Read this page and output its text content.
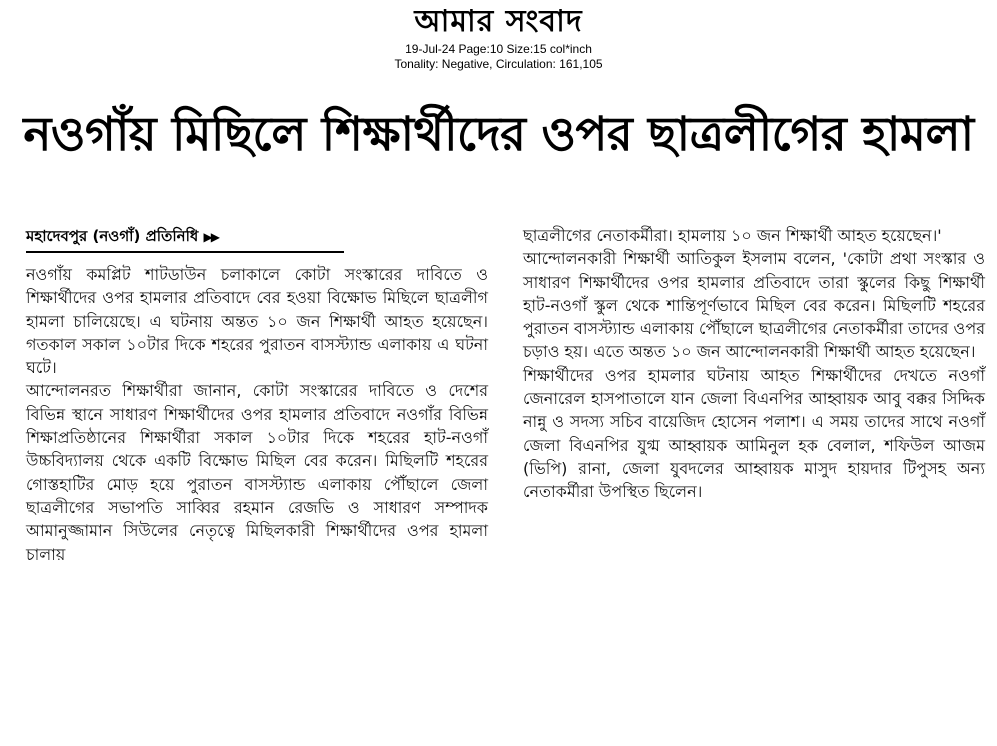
আমার সংবাদ
19-Jul-24 Page:10 Size:15 col*inch
Tonality: Negative, Circulation: 161,105
নওগাঁয় মিছিলে শিক্ষার্থীদের ওপর ছাত্রলীগের হামলা
মহাদেবপুর (নওগাঁ) প্রতিনিধি ▶▶

নওগাঁয় কমপ্লিট শাটডাউন চলাকালে কোটা সংস্কারের দাবিতে ও শিক্ষার্থীদের ওপর হামলার প্রতিবাদে বের হওয়া বিক্ষোভ মিছিলে ছাত্রলীগ হামলা চালিয়েছে। এ ঘটনায় অন্তত ১০ জন শিক্ষার্থী আহত হয়েছেন। গতকাল সকাল ১০টার দিকে শহরের পুরাতন বাসস্ট্যান্ড এলাকায় এ ঘটনা ঘটে।

আন্দোলনরত শিক্ষার্থীরা জানান, কোটা সংস্কারের দাবিতে ও দেশের বিভিন্ন স্থানে সাধারণ শিক্ষার্থীদের ওপর হামলার প্রতিবাদে নওগাঁর বিভিন্ন শিক্ষাপ্রতিষ্ঠানের শিক্ষার্থীরা সকাল ১০টার দিকে শহরের হাট-নওগাঁ উচ্চবিদ্যালয় থেকে একটি বিক্ষোভ মিছিল বের করেন। মিছিলটি শহরের গোস্তহাটির মোড় হয়ে পুরাতন বাসস্ট্যান্ড এলাকায় পৌঁছালে জেলা ছাত্রলীগের সভাপতি সাব্বির রহমান রেজভি ও সাধারণ সম্পাদক আমানুজ্জামান সিউলের নেতৃত্বে মিছিলকারী শিক্ষার্থীদের ওপর হামলা চালায়

ছাত্রলীগের নেতাকর্মীরা। হামলায় ১০ জন শিক্ষার্থী আহত হয়েছেন।'

আন্দোলনকারী শিক্ষার্থী আতিকুল ইসলাম বলেন, 'কোটা প্রথা সংস্কার ও সাধারণ শিক্ষার্থীদের ওপর হামলার প্রতিবাদে তারা স্কুলের কিছু শিক্ষার্থী হাট-নওগাঁ স্কুল থেকে শান্তিপূর্ণভাবে মিছিল বের করেন। মিছিলটি শহরের পুরাতন বাসস্ট্যান্ড এলাকায় পৌঁছালে ছাত্রলীগের নেতাকর্মীরা তাদের ওপর চড়াও হয়। এতে অন্তত ১০ জন আন্দোলনকারী শিক্ষার্থী আহত হয়েছেন।

শিক্ষার্থীদের ওপর হামলার ঘটনায় আহত শিক্ষার্থীদের দেখতে নওগাঁ জেনারেল হাসপাতালে যান জেলা বিএনপির আহ্বায়ক আবু বক্কর সিদ্দিক নান্নু ও সদস্য সচিব বায়েজিদ হোসেন পলাশ। এ সময় তাদের সাথে নওগাঁ জেলা বিএনপির যুগ্ম আহ্বায়ক আমিনুল হক বেলাল, শফিউল আজম (ভিপি) রানা, জেলা যুবদলের আহ্বায়ক মাসুদ হায়দার টিপুসহ অন্য নেতাকর্মীরা উপস্থিত ছিলেন।
